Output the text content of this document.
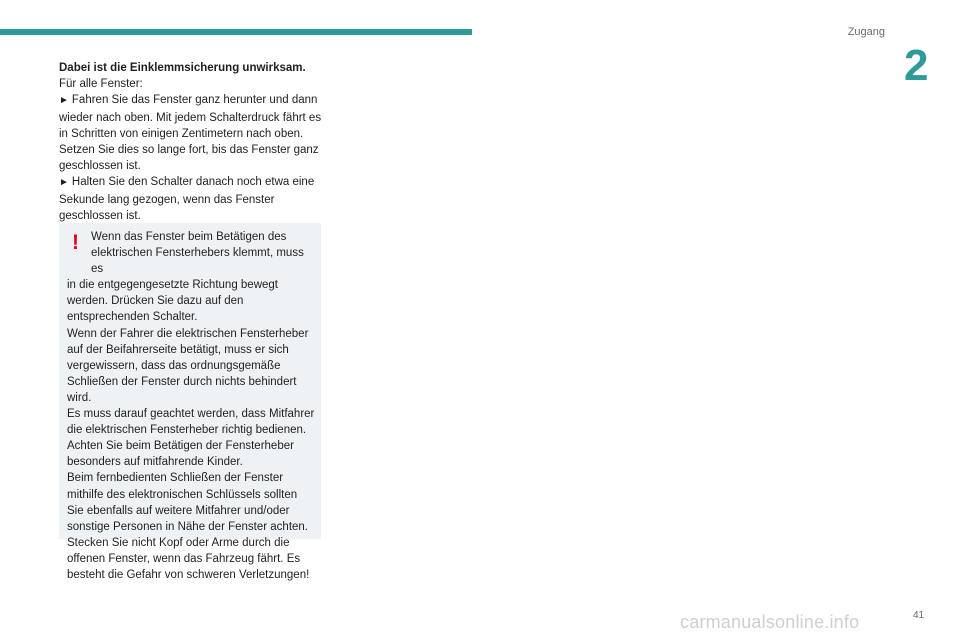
Zugang
2

Dabei ist die Einklemmsicherung unwirksam.

Für alle Fenster:

► Fahren Sie das Fenster ganz herunter und dann wieder nach oben. Mit jedem Schalterdruck fährt es in Schritten von einigen Zentimetern nach oben. Setzen Sie dies so lange fort, bis das Fenster ganz geschlossen ist.

► Halten Sie den Schalter danach noch etwa eine Sekunde lang gezogen, wenn das Fenster geschlossen ist.

!	Wenn das Fenster beim Betätigen des elektrischen Fensterhebers klemmt, muss es

in die entgegengesetzte Richtung bewegt werden. Drücken Sie dazu auf den entsprechenden Schalter.

Wenn der Fahrer die elektrischen Fensterheber auf der Beifahrerseite betätigt, muss er sich vergewissern, dass das ordnungsgemäße Schließen der Fenster durch nichts behindert wird.

Es muss darauf geachtet werden, dass Mitfahrer die elektrischen Fensterheber richtig bedienen.

Achten Sie beim Betätigen der Fensterheber besonders auf mitfahrende Kinder.

Beim fernbedienten Schließen der Fenster mithilfe des elektronischen Schlüssels sollten Sie ebenfalls auf weitere Mitfahrer und/oder sonstige Personen in Nähe der Fenster achten.

Stecken Sie nicht Kopf oder Arme durch die offenen Fenster, wenn das Fahrzeug fährt. Es besteht die Gefahr von schweren Verletzungen!

carmanualsonline.info	41
